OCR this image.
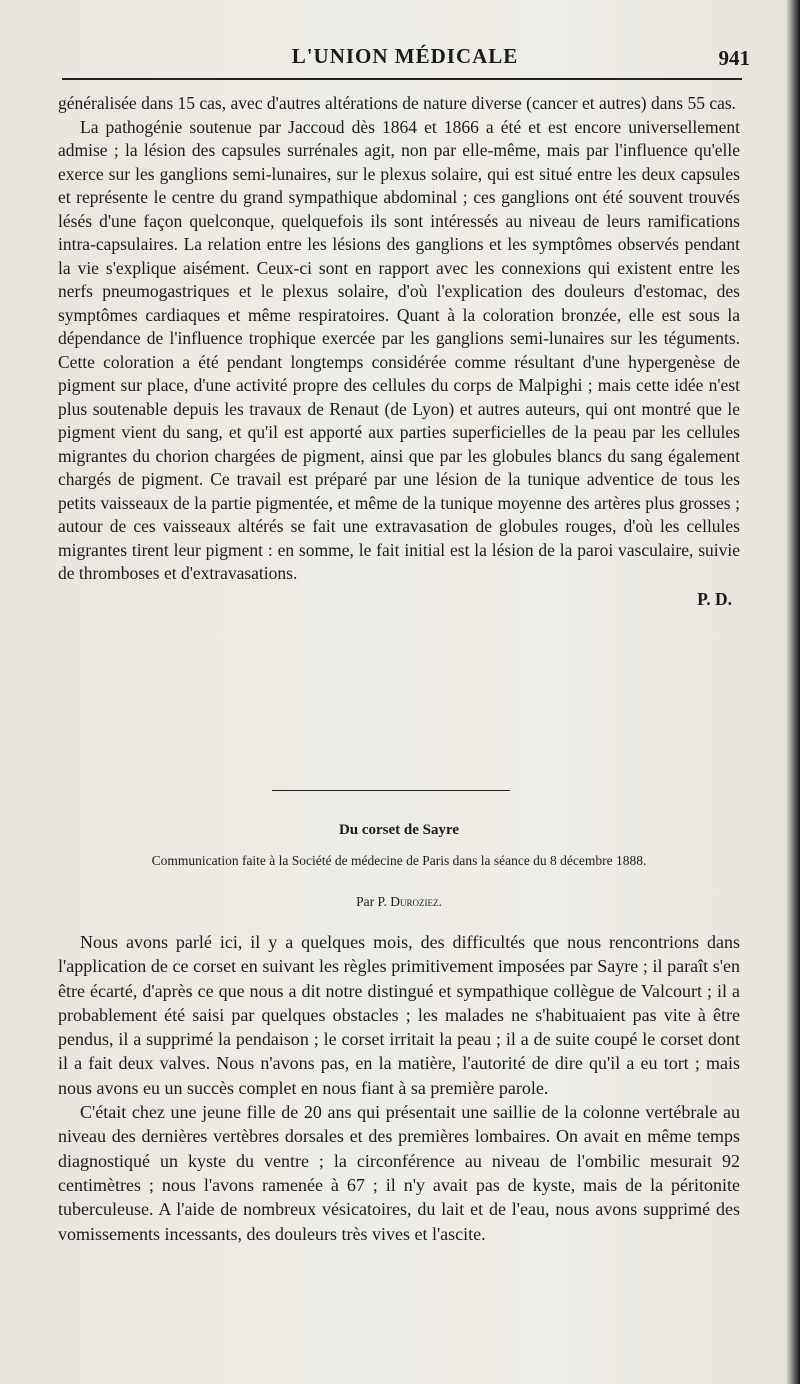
L'UNION MÉDICALE	941

généralisée dans 15 cas, avec d'autres altérations de nature diverse (cancer et autres) dans 55 cas.

La pathogénie soutenue par Jaccoud dès 1864 et 1866 a été et est encore universellement admise ; la lésion des capsules surrénales agit, non par elle-même, mais par l'influence qu'elle exerce sur les ganglions semi-lunaires, sur le plexus solaire, qui est situé entre les deux capsules et représente le centre du grand sympathique abdominal ; ces ganglions ont été souvent trouvés lésés d'une façon quelconque, quelquefois ils sont intéressés au niveau de leurs ramifications intra-capsulaires. La relation entre les lésions des ganglions et les symptômes observés pendant la vie s'explique aisément. Ceux-ci sont en rapport avec les connexions qui existent entre les nerfs pneumogastriques et le plexus solaire, d'où l'explication des douleurs d'estomac, des symptômes cardiaques et même respiratoires. Quant à la coloration bronzée, elle est sous la dépendance de l'influence trophique exercée par les ganglions semi-lunaires sur les téguments. Cette coloration a été pendant longtemps considérée comme résultant d'une hypergenèse de pigment sur place, d'une activité propre des cellules du corps de Malpighi ; mais cette idée n'est plus soutenable depuis les travaux de Renaut (de Lyon) et autres auteurs, qui ont montré que le pigment vient du sang, et qu'il est apporté aux parties superficielles de la peau par les cellules migrantes du chorion chargées de pigment, ainsi que par les globules blancs du sang également chargés de pigment. Ce travail est préparé par une lésion de la tunique adventice de tous les petits vaisseaux de la partie pigmentée, et même de la tunique moyenne des artères plus grosses ; autour de ces vaisseaux altérés se fait une extravasation de globules rouges, d'où les cellules migrantes tirent leur pigment : en somme, le fait initial est la lésion de la paroi vasculaire, suivie de thromboses et d'extravasations.

P. D.
Du corset de Sayre
Communication faite à la Société de médecine de Paris dans la séance du 8 décembre 1888.
Par P. Duroziez.

Nous avons parlé ici, il y a quelques mois, des difficultés que nous rencontrions dans l'application de ce corset en suivant les règles primitivement imposées par Sayre ; il paraît s'en être écarté, d'après ce que nous a dit notre distingué et sympathique collègue de Valcourt ; il a probablement été saisi par quelques obstacles ; les malades ne s'habituaient pas vite à être pendus, il a supprimé la pendaison ; le corset irritait la peau ; il a de suite coupé le corset dont il a fait deux valves. Nous n'avons pas, en la matière, l'autorité de dire qu'il a eu tort ; mais nous avons eu un succès complet en nous fiant à sa première parole.

C'était chez une jeune fille de 20 ans qui présentait une saillie de la colonne vertébrale au niveau des dernières vertèbres dorsales et des premières lombaires. On avait en même temps diagnostiqué un kyste du ventre ; la circonférence au niveau de l'ombilic mesurait 92 centimètres ; nous l'avons ramenée à 67 ; il n'y avait pas de kyste, mais de la péritonite tuberculeuse. A l'aide de nombreux vésicatoires, du lait et de l'eau, nous avons supprimé des vomissements incessants, des douleurs très vives et l'ascite.
